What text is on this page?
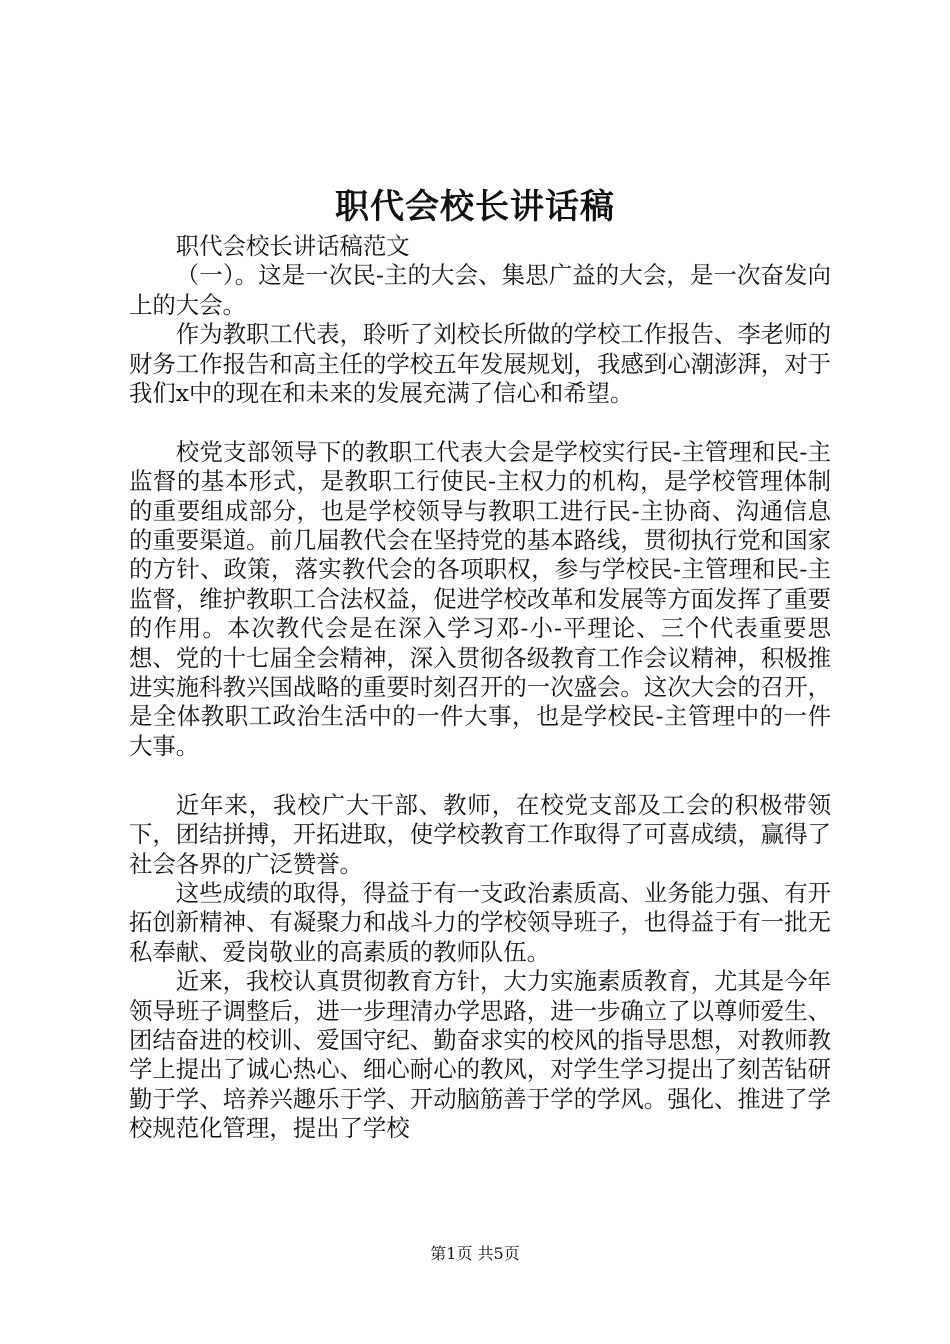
职代会校长讲话稿

职代会校长讲话稿范文

（一）。这是一次民-主的大会、集思广益的大会，是一次奋发向上的大会。

作为教职工代表，聆听了刘校长所做的学校工作报告、李老师的财务工作报告和高主任的学校五年发展规划，我感到心潮澎湃，对于我们x中的现在和未来的发展充满了信心和希望。

校党支部领导下的教职工代表大会是学校实行民-主管理和民-主监督的基本形式，是教职工行使民-主权力的机构，是学校管理体制的重要组成部分，也是学校领导与教职工进行民-主协商、沟通信息的重要渠道。前几届教代会在坚持党的基本路线，贯彻执行党和国家的方针、政策，落实教代会的各项职权，参与学校民-主管理和民-主监督，维护教职工合法权益，促进学校改革和发展等方面发挥了重要的作用。本次教代会是在深入学习邓-小-平理论、三个代表重要思想、党的十七届全会精神，深入贯彻各级教育工作会议精神，积极推进实施科教兴国战略的重要时刻召开的一次盛会。这次大会的召开，是全体教职工政治生活中的一件大事，也是学校民-主管理中的一件大事。

近年来，我校广大干部、教师，在校党支部及工会的积极带领下，团结拼搏，开拓进取，使学校教育工作取得了可喜成绩，赢得了社会各界的广泛赞誉。

这些成绩的取得，得益于有一支政治素质高、业务能力强、有开拓创新精神、有凝聚力和战斗力的学校领导班子，也得益于有一批无私奉献、爱岗敬业的高素质的教师队伍。

近来，我校认真贯彻教育方针，大力实施素质教育，尤其是今年领导班子调整后，进一步理清办学思路，进一步确立了以尊师爱生、团结奋进的校训、爱国守纪、勤奋求实的校风的指导思想，对教师教学上提出了诚心热心、细心耐心的教风，对学生学习提出了刻苦钻研勤于学、培养兴趣乐于学、开动脑筋善于学的学风。强化、推进了学校规范化管理，提出了学校

第1页 共5页
